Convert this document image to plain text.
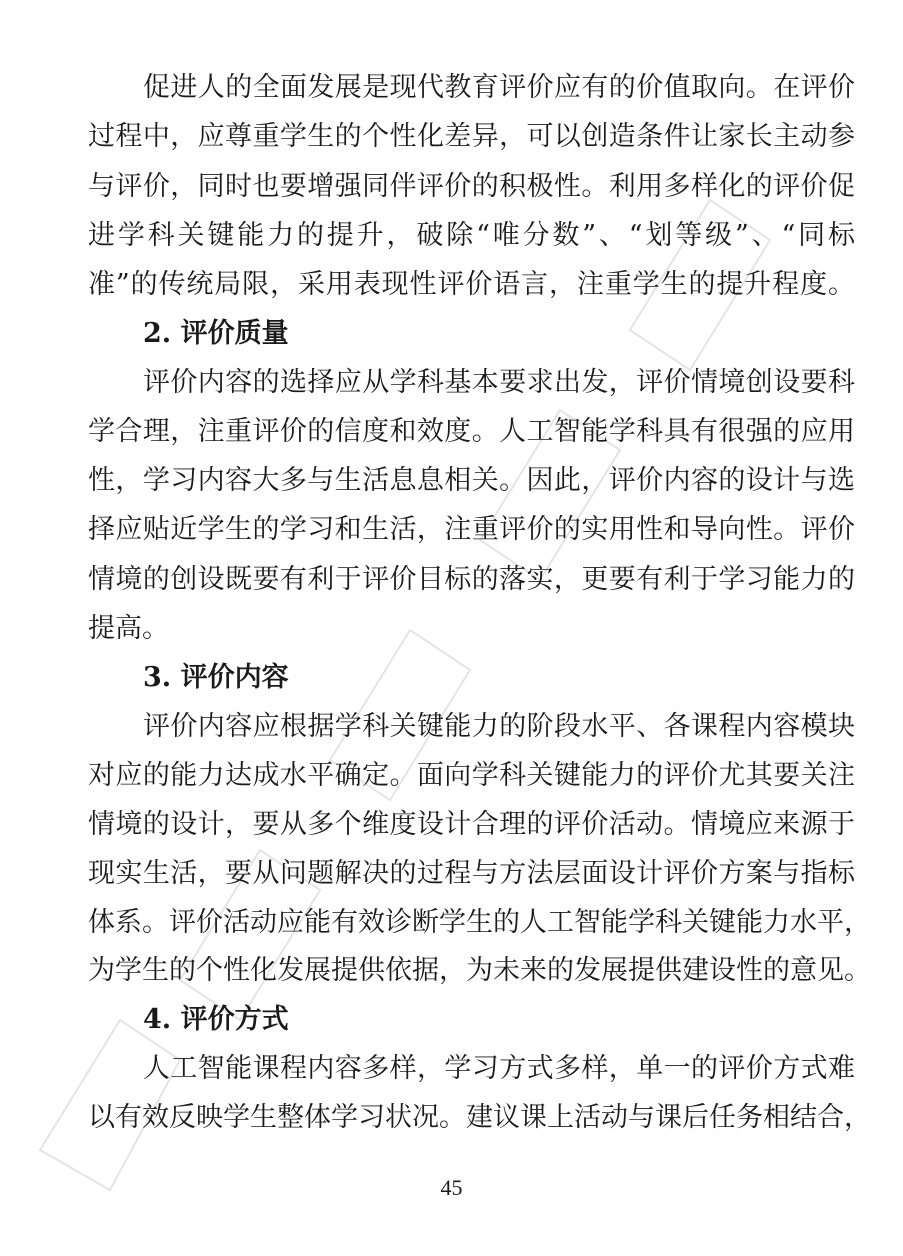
促进人的全面发展是现代教育评价应有的价值取向。在评价
过程中，应尊重学生的个性化差异，可以创造条件让家长主动参
与评价，同时也要增强同伴评价的积极性。利用多样化的评价促
进学科关键能力的提升，破除“唯分数”、“划等级”、“同标
准”的传统局限，采用表现性评价语言，注重学生的提升程度。
2. 评价质量
评价内容的选择应从学科基本要求出发，评价情境创设要科
学合理，注重评价的信度和效度。人工智能学科具有很强的应用
性，学习内容大多与生活息息相关。因此，评价内容的设计与选
择应贴近学生的学习和生活，注重评价的实用性和导向性。评价
情境的创设既要有利于评价目标的落实，更要有利于学习能力的
提高。
3. 评价内容
评价内容应根据学科关键能力的阶段水平、各课程内容模块
对应的能力达成水平确定。面向学科关键能力的评价尤其要关注
情境的设计，要从多个维度设计合理的评价活动。情境应来源于
现实生活，要从问题解决的过程与方法层面设计评价方案与指标
体系。评价活动应能有效诊断学生的人工智能学科关键能力水平，
为学生的个性化发展提供依据，为未来的发展提供建设性的意见。
4. 评价方式
人工智能课程内容多样，学习方式多样，单一的评价方式难
以有效反映学生整体学习状况。建议课上活动与课后任务相结合，
45
